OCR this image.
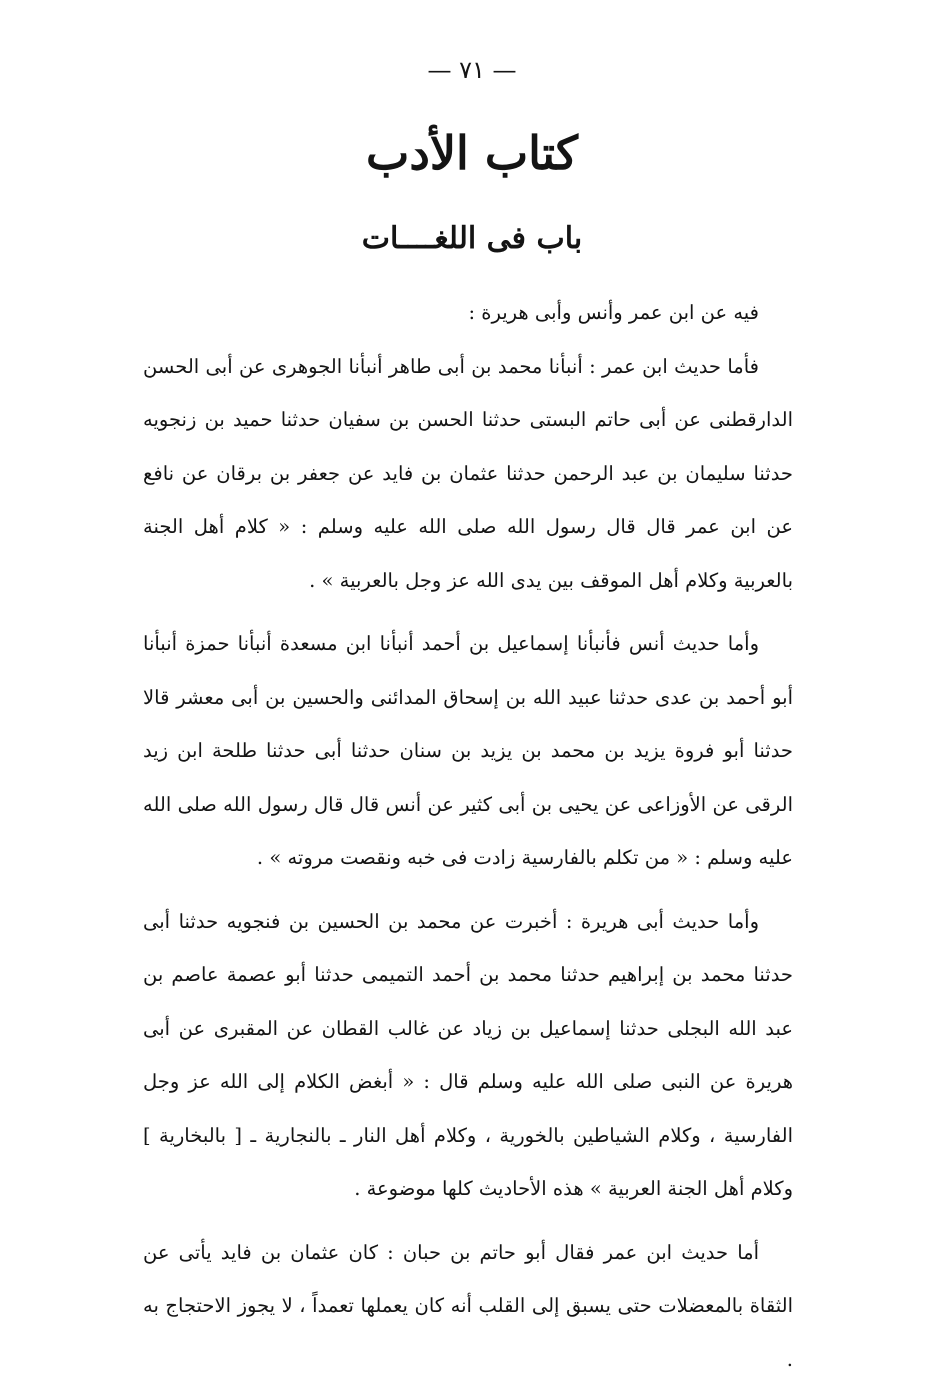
— ٧١ —
كتاب الأدب
باب فى اللغــــات

فيه عن ابن عمر وأنس وأبى هريرة :

فأما حديث ابن عمر : أنبأنا محمد بن أبى طاهر أنبأنا الجوهرى عن أبى الحسن الدارقطنى عن أبى حاتم البستى حدثنا الحسن بن سفيان حدثنا حميد بن زنجويه حدثنا سليمان بن عبد الرحمن حدثنا عثمان بن فايد عن جعفر بن برقان عن نافع عن ابن عمر قال قال رسول الله صلى الله عليه وسلم : « كلام أهل الجنة بالعربية وكلام أهل الموقف بين يدى الله عز وجل بالعربية » .

وأما حديث أنس فأنبأنا إسماعيل بن أحمد أنبأنا ابن مسعدة أنبأنا حمزة أنبأنا أبو أحمد بن عدى حدثنا عبيد الله بن إسحاق المدائنى والحسين بن أبى معشر قالا حدثنا أبو فروة يزيد بن محمد بن يزيد بن سنان حدثنا أبى حدثنا طلحة ابن زيد الرقى عن الأوزاعى عن يحيى بن أبى كثير عن أنس قال قال رسول الله صلى الله عليه وسلم : « من تكلم بالفارسية زادت فى خبه ونقصت مروته » .

وأما حديث أبى هريرة : أخبرت عن محمد بن الحسين بن فنجويه حدثنا أبى حدثنا محمد بن إبراهيم حدثنا محمد بن أحمد التميمى حدثنا أبو عصمة عاصم بن عبد الله البجلى حدثنا إسماعيل بن زياد عن غالب القطان عن المقبرى عن أبى هريرة عن النبى صلى الله عليه وسلم قال : « أبغض الكلام إلى الله عز وجل الفارسية ، وكلام الشياطين بالخورية ، وكلام أهل النار ـ بالنجارية ـ [ بالبخارية ] وكلام أهل الجنة العربية » هذه الأحاديث كلها موضوعة .

أما حديث ابن عمر فقال أبو حاتم بن حبان : كان عثمان بن فايد يأتى عن الثقاة بالمعضلات حتى يسبق إلى القلب أنه كان يعملها تعمداً ، لا يجوز الاحتجاج به .
